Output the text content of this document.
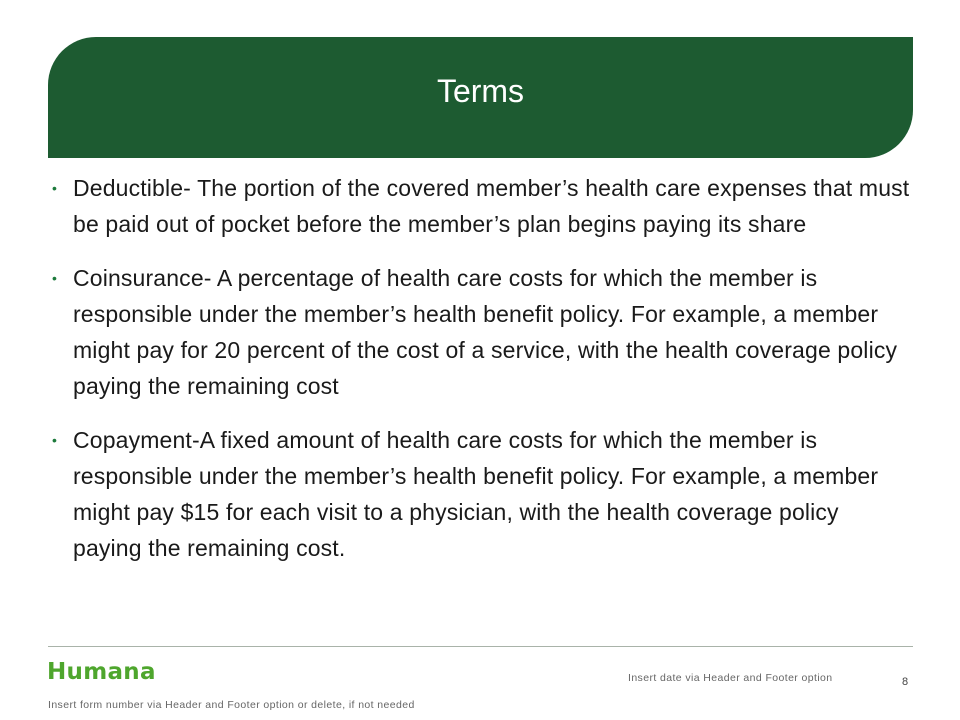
Terms
• Deductible- The portion of the covered member’s health care expenses that must be paid out of pocket before the member’s plan begins paying its share
• Coinsurance- A percentage of health care costs for which the member is responsible under the member’s health benefit policy. For example, a member might pay for 20 percent of the cost of a service, with the health coverage policy paying the remaining cost
• Copayment-A fixed amount of health care costs for which the member is responsible under the member’s health benefit policy. For example, a member might pay $15 for each visit to a physician, with the health coverage policy paying the remaining cost.
Humana	Insert date via Header and Footer option	8
Insert form number via Header and Footer option or delete, if not needed
